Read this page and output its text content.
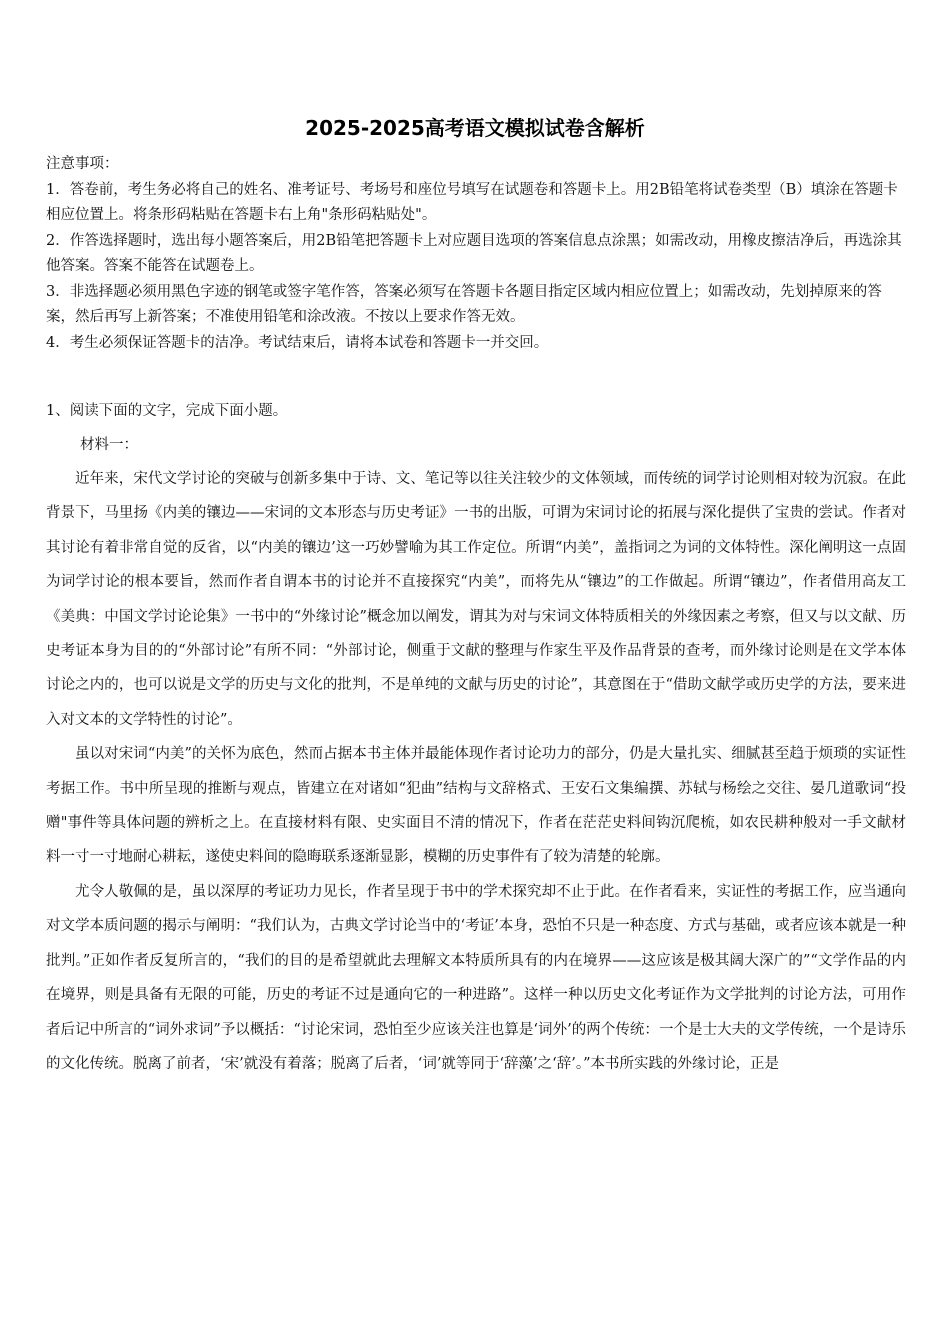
2025-2025高考语文模拟试卷含解析

注意事项：

1．答卷前，考生务必将自己的姓名、准考证号、考场号和座位号填写在试题卷和答题卡上。用2B铅笔将试卷类型（B）填涂在答题卡相应位置上。将条形码粘贴在答题卡右上角"条形码粘贴处"。

2．作答选择题时，选出每小题答案后，用2B铅笔把答题卡上对应题目选项的答案信息点涂黑；如需改动，用橡皮擦洁净后，再选涂其他答案。答案不能答在试题卷上。

3．非选择题必须用黑色字迹的钢笔或签字笔作答，答案必须写在答题卡各题目指定区域内相应位置上；如需改动，先划掉原来的答案，然后再写上新答案；不准使用铅笔和涂改液。不按以上要求作答无效。

4．考生必须保证答题卡的洁净。考试结束后，请将本试卷和答题卡一并交回。

1、阅读下面的文字，完成下面小题。

材料一：

近年来，宋代文学讨论的突破与创新多集中于诗、文、笔记等以往关注较少的文体领域，而传统的词学讨论则相对较为沉寂。在此背景下，马里扬《内美的镶边——宋词的文本形态与历史考证》一书的出版，可谓为宋词讨论的拓展与深化提供了宝贵的尝试。作者对其讨论有着非常自觉的反省，以“内美的镶边’这一巧妙譬喻为其工作定位。所谓“内美”，盖指词之为词的文体特性。深化阐明这一点固为词学讨论的根本要旨，然而作者自谓本书的讨论并不直接探究“内美”，而将先从“镶边”的工作做起。所谓“镶边”，作者借用高友工《美典：中国文学讨论论集》一书中的“外缘讨论”概念加以阐发，谓其为对与宋词文体特质相关的外缘因素之考察，但又与以文献、历史考证本身为目的的“外部讨论”有所不同：“外部讨论，侧重于文献的整理与作家生平及作品背景的查考，而外缘讨论则是在文学本体讨论之内的，也可以说是文学的历史与文化的批判，不是单纯的文献与历史的讨论”，其意图在于“借助文献学或历史学的方法，要来进入对文本的文学特性的讨论”。

虽以对宋词“内美”的关怀为底色，然而占据本书主体并最能体现作者讨论功力的部分，仍是大量扎实、细腻甚至趋于烦琐的实证性考据工作。书中所呈现的推断与观点，皆建立在对诸如“犯曲”结构与文辞格式、王安石文集编撰、苏轼与杨绘之交往、晏几道歌词“投赠"事件等具体问题的辨析之上。在直接材料有限、史实面目不清的情况下，作者在茫茫史料间钩沉爬梳，如农民耕种般对一手文献材料一寸一寸地耐心耕耘，遂使史料间的隐晦联系逐渐显影，模糊的历史事件有了较为清楚的轮廓。

尤令人敬佩的是，虽以深厚的考证功力见长，作者呈现于书中的学术探究却不止于此。在作者看来，实证性的考据工作，应当通向对文学本质问题的揭示与阐明：“我们认为，古典文学讨论当中的‘考证’本身，恐怕不只是一种态度、方式与基础，或者应该本就是一种批判。”正如作者反复所言的，“我们的目的是希望就此去理解文本特质所具有的内在境界——这应该是极其阔大深广的”“文学作品的内在境界，则是具备有无限的可能，历史的考证不过是通向它的一种进路”。这样一种以历史文化考证作为文学批判的讨论方法，可用作者后记中所言的“词外求词”予以概括：“讨论宋词，恐怕至少应该关注也算是‘词外’的两个传统：一个是士大夫的文学传统，一个是诗乐的文化传统。脱离了前者，‘宋’就没有着落；脱离了后者，‘词’就等同于‘辞藻’之‘辞’。”本书所实践的外缘讨论，正是
